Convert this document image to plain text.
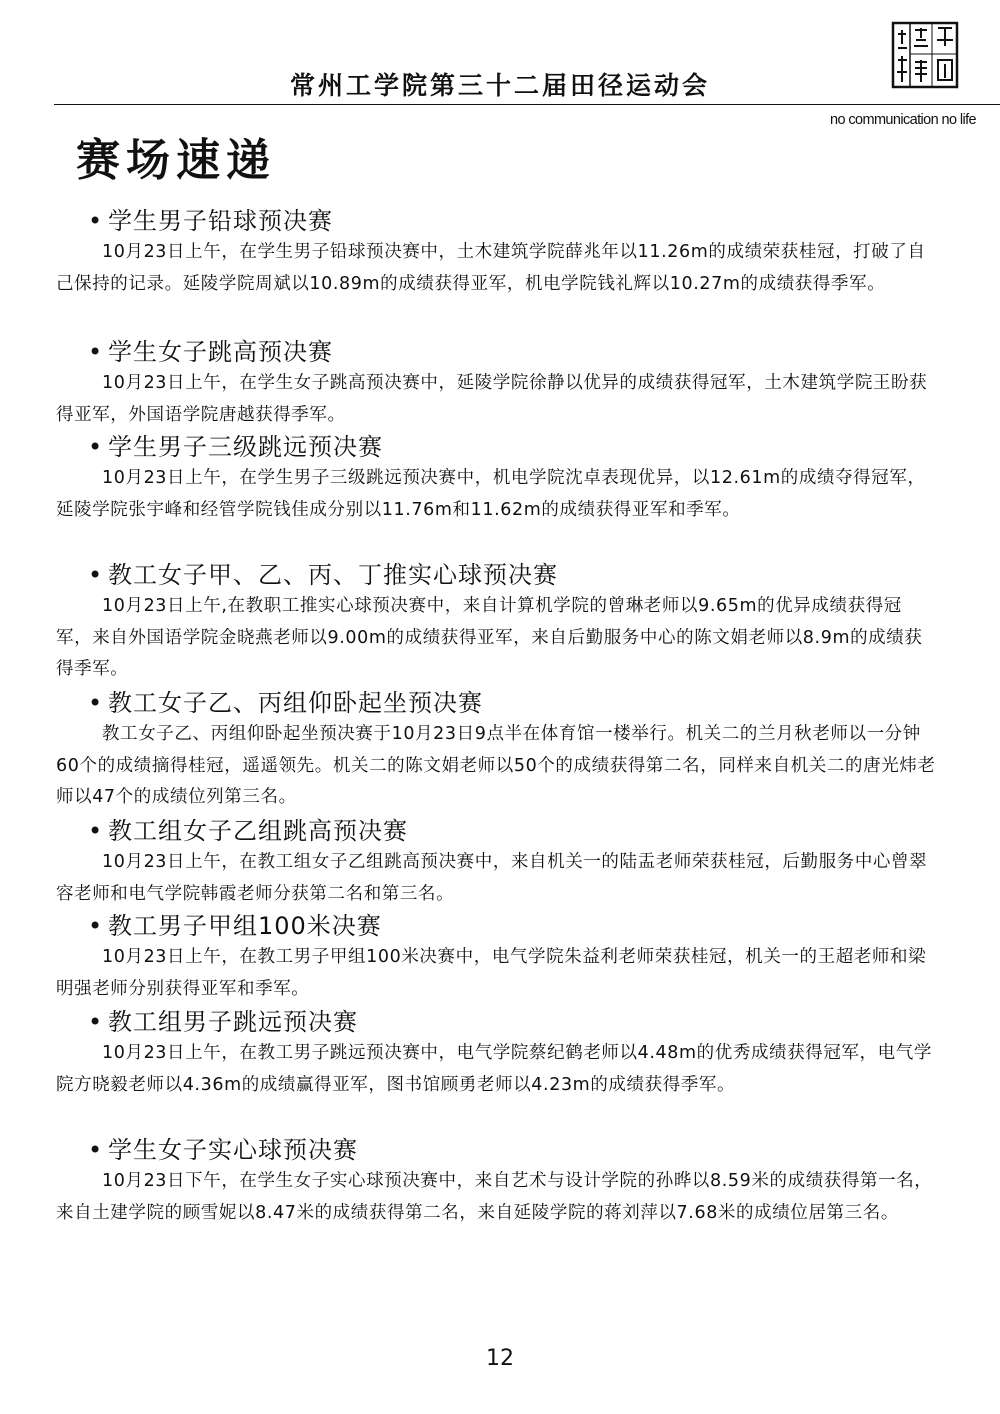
常州工学院第三十二届田径运动会
no communication no life
赛场速递
• 学生男子铅球预决赛

10月23日上午，在学生男子铅球预决赛中，土木建筑学院薛兆年以11.26m的成绩荣获桂冠，打破了自己保持的记录。延陵学院周斌以10.89m的成绩获得亚军，机电学院钱礼辉以10.27m的成绩获得季军。

• 学生女子跳高预决赛

10月23日上午，在学生女子跳高预决赛中，延陵学院徐静以优异的成绩获得冠军，土木建筑学院王盼获得亚军，外国语学院唐越获得季军。

• 学生男子三级跳远预决赛

10月23日上午，在学生男子三级跳远预决赛中，机电学院沈卓表现优异，以12.61m的成绩夺得冠军，延陵学院张宇峰和经管学院钱佳成分别以11.76m和11.62m的成绩获得亚军和季军。

• 教工女子甲、乙、丙、丁推实心球预决赛

10月23日上午,在教职工推实心球预决赛中，来自计算机学院的曾琳老师以9.65m的优异成绩获得冠军，来自外国语学院金晓燕老师以9.00m的成绩获得亚军，来自后勤服务中心的陈文娟老师以8.9m的成绩获得季军。

• 教工女子乙、丙组仰卧起坐预决赛

教工女子乙、丙组仰卧起坐预决赛于10月23日9点半在体育馆一楼举行。机关二的兰月秋老师以一分钟60个的成绩摘得桂冠，遥遥领先。机关二的陈文娟老师以50个的成绩获得第二名，同样来自机关二的唐光炜老师以47个的成绩位列第三名。

• 教工组女子乙组跳高预决赛

10月23日上午，在教工组女子乙组跳高预决赛中，来自机关一的陆盂老师荣获桂冠，后勤服务中心曾翠容老师和电气学院韩霞老师分获第二名和第三名。

• 教工男子甲组100米决赛

10月23日上午，在教工男子甲组100米决赛中，电气学院朱益利老师荣获桂冠，机关一的王超老师和梁明强老师分别获得亚军和季军。

• 教工组男子跳远预决赛

10月23日上午，在教工男子跳远预决赛中，电气学院蔡纪鹤老师以4.48m的优秀成绩获得冠军，电气学院方晓毅老师以4.36m的成绩赢得亚军，图书馆顾勇老师以4.23m的成绩获得季军。

• 学生女子实心球预决赛

10月23日下午，在学生女子实心球预决赛中，来自艺术与设计学院的孙晔以8.59米的成绩获得第一名，来自土建学院的顾雪妮以8.47米的成绩获得第二名，来自延陵学院的蒋刘萍以7.68米的成绩位居第三名。

12
